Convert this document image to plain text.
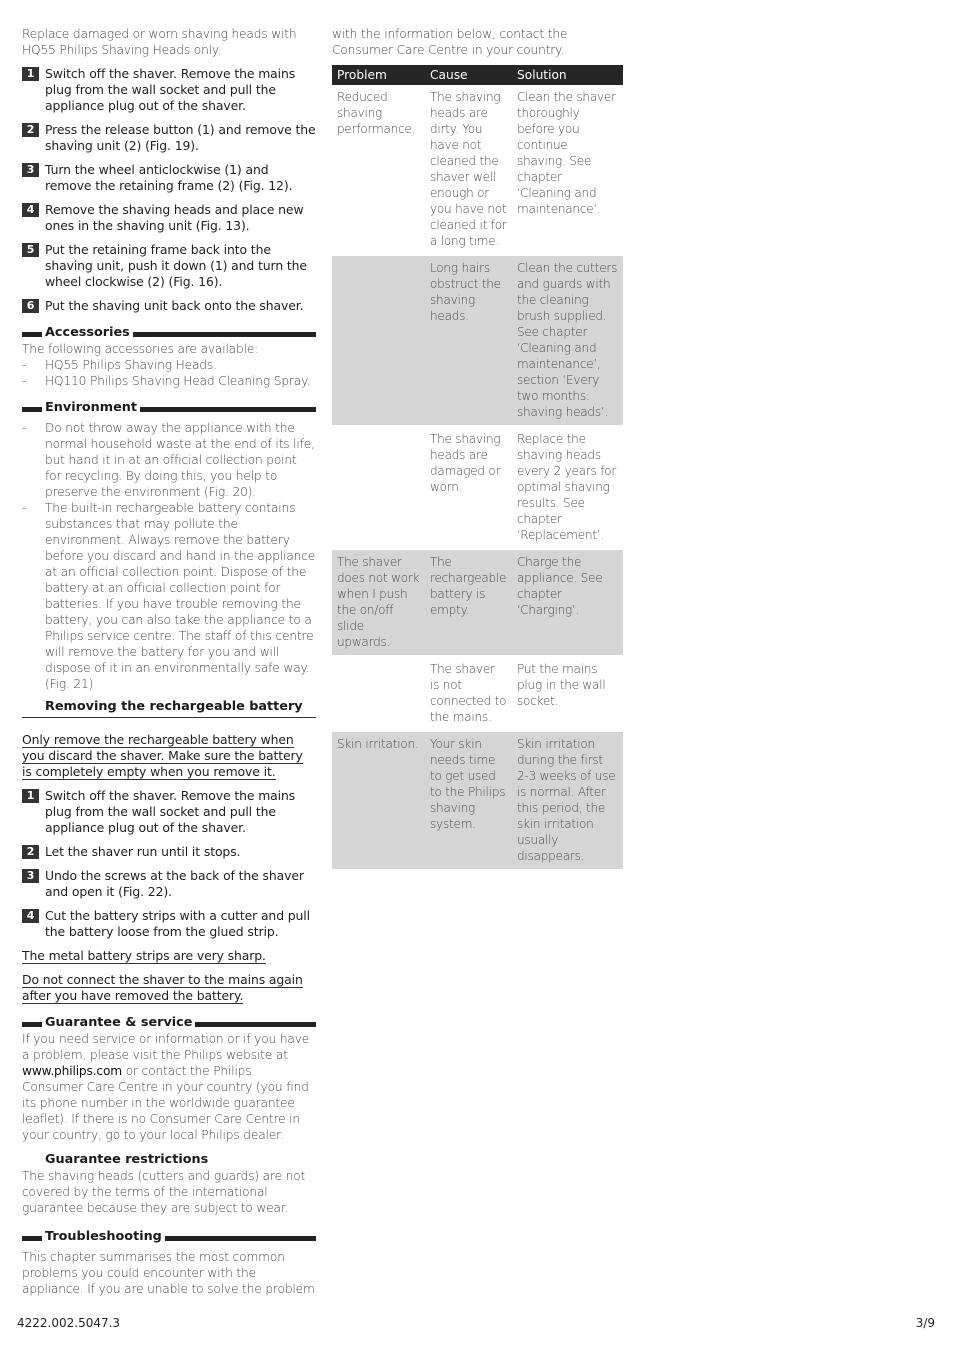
Replace damaged or worn shaving heads with HQ55 Philips Shaving Heads only.

1 Switch off the shaver. Remove the mains plug from the wall socket and pull the appliance plug out of the shaver.
2 Press the release button (1) and remove the shaving unit (2) (Fig. 19).
3 Turn the wheel anticlockwise (1) and remove the retaining frame (2) (Fig. 12).
4 Remove the shaving heads and place new ones in the shaving unit (Fig. 13).
5 Put the retaining frame back into the shaving unit, push it down (1) and turn the wheel clockwise (2) (Fig. 16).
6 Put the shaving unit back onto the shaver.
Accessories

The following accessories are available:

- HQ55 Philips Shaving Heads.
- HQ110 Philips Shaving Head Cleaning Spray.
Environment
- Do not throw away the appliance with the normal household waste at the end of its life, but hand it in at an official collection point for recycling. By doing this, you help to preserve the environment (Fig. 20).
- The built-in rechargeable battery contains substances that may pollute the environment. Always remove the battery before you discard and hand in the appliance at an official collection point. Dispose of the battery at an official collection point for batteries. If you have trouble removing the battery, you can also take the appliance to a Philips service centre. The staff of this centre will remove the battery for you and will dispose of it in an environmentally safe way. (Fig. 21)
Removing the rechargeable battery

Only remove the rechargeable battery when you discard the shaver. Make sure the battery is completely empty when you remove it.

1 Switch off the shaver. Remove the mains plug from the wall socket and pull the appliance plug out of the shaver.
2 Let the shaver run until it stops.
3 Undo the screws at the back of the shaver and open it (Fig. 22).
4 Cut the battery strips with a cutter and pull the battery loose from the glued strip.

The metal battery strips are very sharp.

Do not connect the shaver to the mains again after you have removed the battery.

Guarantee & service

If you need service or information or if you have a problem, please visit the Philips website at www.philips.com or contact the Philips Consumer Care Centre in your country (you find its phone number in the worldwide guarantee leaflet). If there is no Consumer Care Centre in your country, go to your local Philips dealer.

Guarantee restrictions

The shaving heads (cutters and guards) are not covered by the terms of the international guarantee because they are subject to wear.

Troubleshooting

This chapter summarises the most common problems you could encounter with the appliance. If you are unable to solve the problem

with the information below, contact the Consumer Care Centre in your country.

Problem	Cause	Solution
Reduced shaving performance.	The shaving heads are dirty. You have not cleaned the shaver well enough or you have not cleaned it for a long time.	Clean the shaver thoroughly before you continue shaving. See chapter ‘Cleaning and maintenance’.
	Long hairs obstruct the shaving heads.	Clean the cutters and guards with the cleaning brush supplied. See chapter ‘Cleaning and maintenance’, section ‘Every two months: shaving heads’.
	The shaving heads are damaged or worn.	Replace the shaving heads every 2 years for optimal shaving results. See chapter ‘Replacement’.
The shaver does not work when I push the on/off slide upwards.	The rechargeable battery is empty.	Charge the appliance. See chapter ‘Charging’.
	The shaver is not connected to the mains.	Put the mains plug in the wall socket.
Skin irritation.	Your skin needs time to get used to the Philips shaving system.	Skin irritation during the first 2-3 weeks of use is normal. After this period, the skin irritation usually disappears.
4222.002.5047.3	3/9
